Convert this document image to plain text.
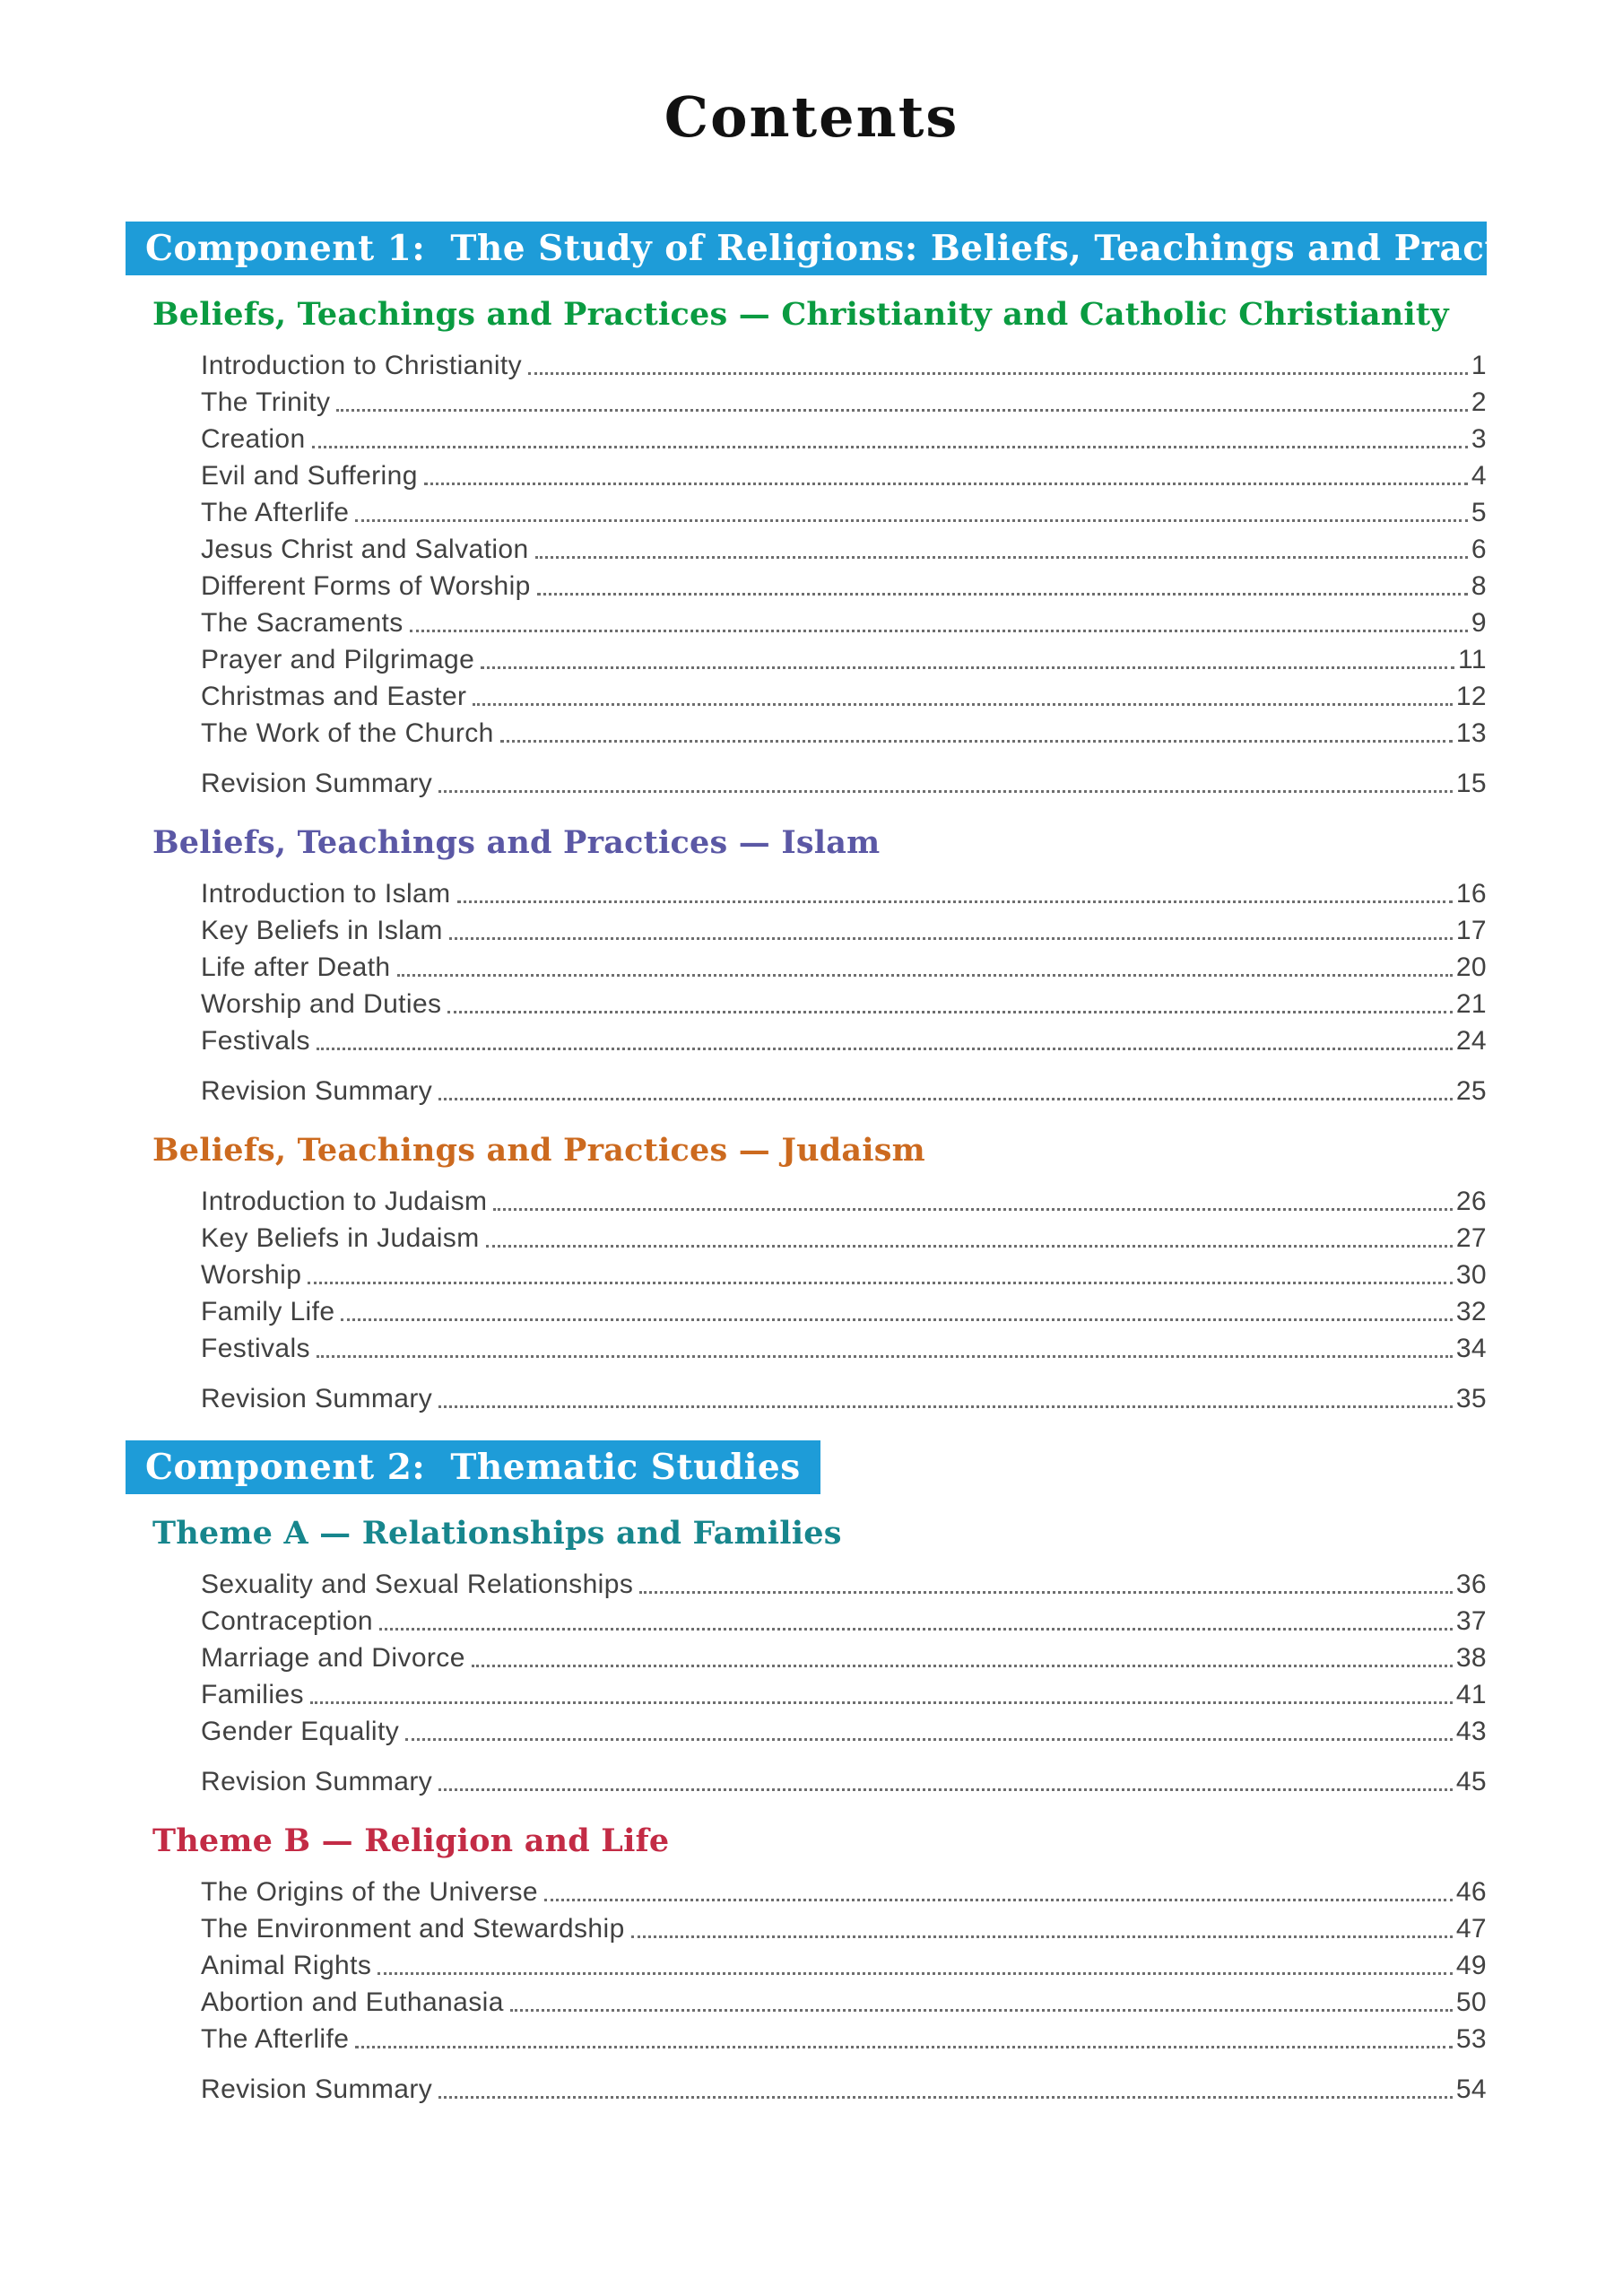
Contents
Component 1:  The Study of Religions: Beliefs, Teachings and Practices
Beliefs, Teachings and Practices — Christianity and Catholic Christianity
Introduction to Christianity	1
The Trinity	2
Creation	3
Evil and Suffering	4
The Afterlife	5
Jesus Christ and Salvation	6
Different Forms of Worship	8
The Sacraments	9
Prayer and Pilgrimage	11
Christmas and Easter	12
The Work of the Church	13
Revision Summary	15
Beliefs, Teachings and Practices — Islam
Introduction to Islam	16
Key Beliefs in Islam	17
Life after Death	20
Worship and Duties	21
Festivals	24
Revision Summary	25
Beliefs, Teachings and Practices — Judaism
Introduction to Judaism	26
Key Beliefs in Judaism	27
Worship	30
Family Life	32
Festivals	34
Revision Summary	35
Component 2:  Thematic Studies
Theme A — Relationships and Families
Sexuality and Sexual Relationships	36
Contraception	37
Marriage and Divorce	38
Families	41
Gender Equality	43
Revision Summary	45
Theme B — Religion and Life
The Origins of the Universe	46
The Environment and Stewardship	47
Animal Rights	49
Abortion and Euthanasia	50
The Afterlife	53
Revision Summary	54
